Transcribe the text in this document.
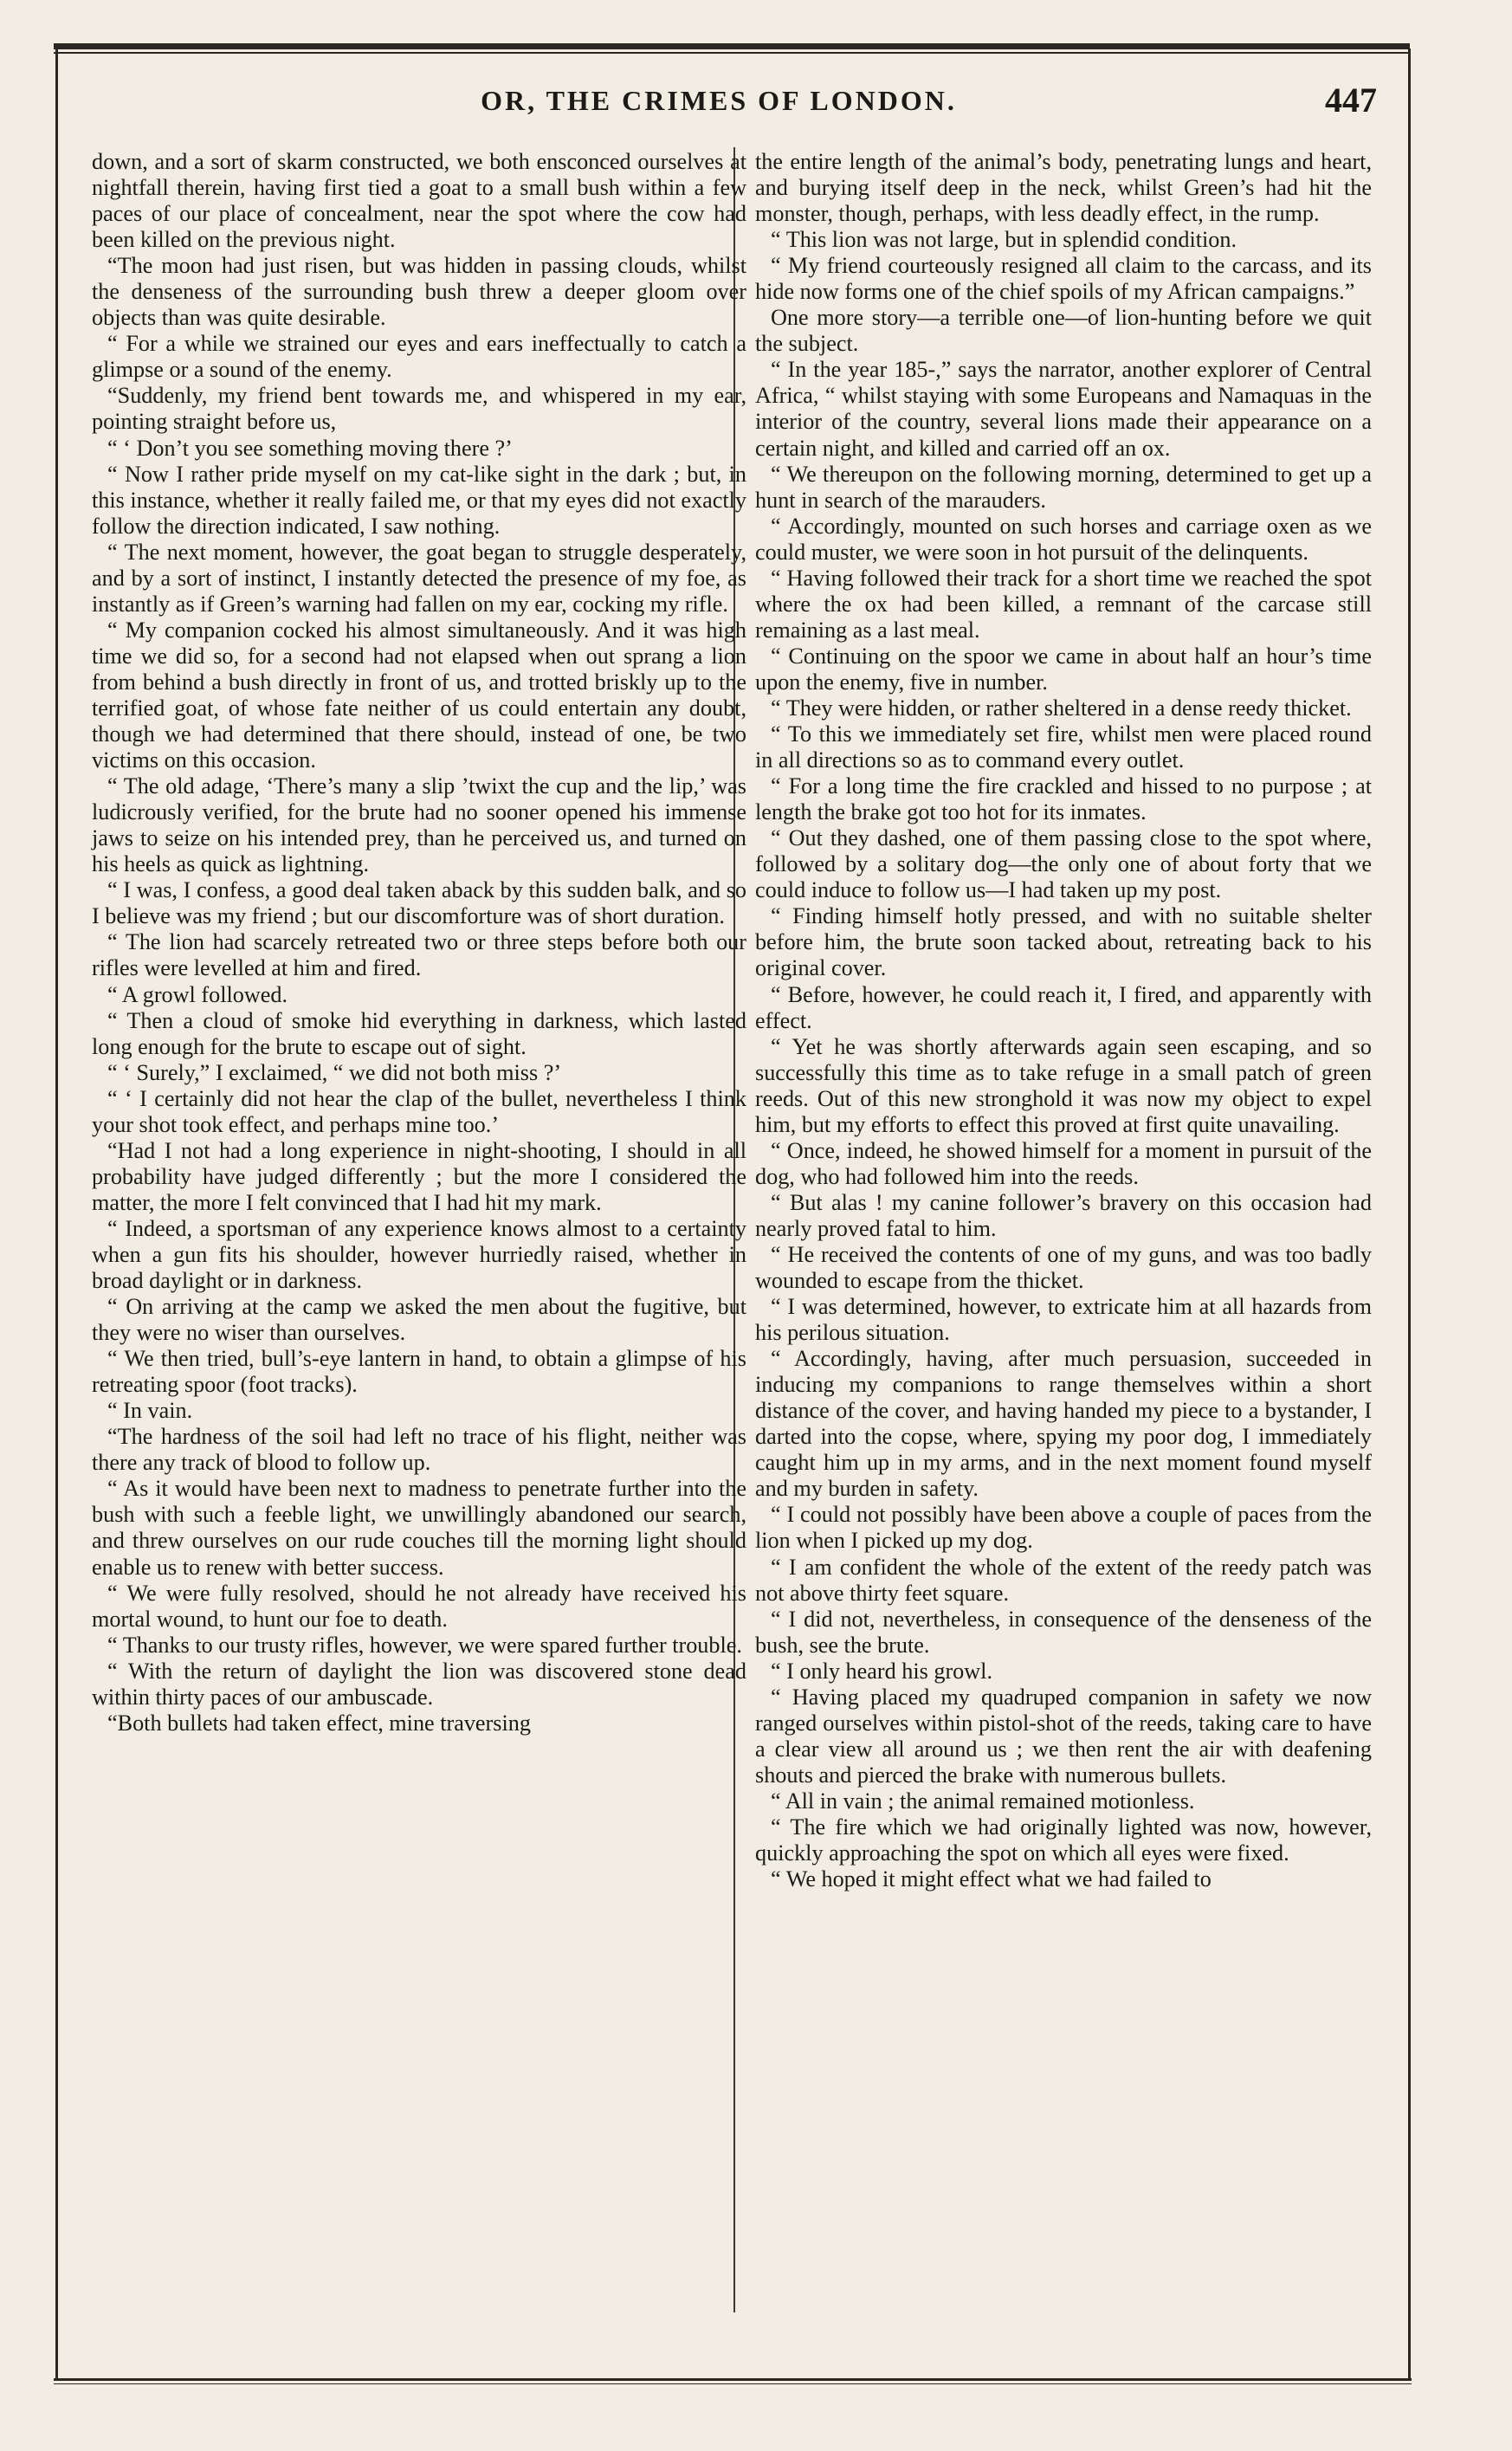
OR, THE CRIMES OF LONDON.	447

down, and a sort of skarm constructed, we both ensconced ourselves at nightfall therein, having first tied a goat to a small bush within a few paces of our place of concealment, near the spot where the cow had been killed on the previous night.

“The moon had just risen, but was hidden in passing clouds, whilst the denseness of the surrounding bush threw a deeper gloom over objects than was quite desirable.

“ For a while we strained our eyes and ears ineffectually to catch a glimpse or a sound of the enemy.

“Suddenly, my friend bent towards me, and whispered in my ear, pointing straight before us,

“ ‘ Don’t you see something moving there ?’

“ Now I rather pride myself on my cat-like sight in the dark ; but, in this instance, whether it really failed me, or that my eyes did not exactly follow the direction indicated, I saw nothing.

“ The next moment, however, the goat began to struggle desperately, and by a sort of instinct, I instantly detected the presence of my foe, as instantly as if Green’s warning had fallen on my ear, cocking my rifle.

“ My companion cocked his almost simultaneously. And it was high time we did so, for a second had not elapsed when out sprang a lion from behind a bush directly in front of us, and trotted briskly up to the terrified goat, of whose fate neither of us could entertain any doubt, though we had determined that there should, instead of one, be two victims on this occasion.

“ The old adage, ‘There’s many a slip ’twixt the cup and the lip,’ was ludicrously verified, for the brute had no sooner opened his immense jaws to seize on his intended prey, than he perceived us, and turned on his heels as quick as lightning.

“ I was, I confess, a good deal taken aback by this sudden balk, and so I believe was my friend ; but our discomforture was of short duration.

“ The lion had scarcely retreated two or three steps before both our rifles were levelled at him and fired.

“ A growl followed.

“ Then a cloud of smoke hid everything in darkness, which lasted long enough for the brute to escape out of sight.

“ ‘ Surely,” I exclaimed, “ we did not both miss ?’

“ ‘ I certainly did not hear the clap of the bullet, nevertheless I think your shot took effect, and perhaps mine too.’

“Had I not had a long experience in night-shooting, I should in all probability have judged differently ; but the more I considered the matter, the more I felt convinced that I had hit my mark.

“ Indeed, a sportsman of any experience knows almost to a certainty when a gun fits his shoulder, however hurriedly raised, whether in broad daylight or in darkness.

“ On arriving at the camp we asked the men about the fugitive, but they were no wiser than ourselves.

“ We then tried, bull’s-eye lantern in hand, to obtain a glimpse of his retreating spoor (foot tracks).

“ In vain.

“The hardness of the soil had left no trace of his flight, neither was there any track of blood to follow up.

“ As it would have been next to madness to penetrate further into the bush with such a feeble light, we unwillingly abandoned our search, and threw ourselves on our rude couches till the morning light should enable us to renew with better success.

“ We were fully resolved, should he not already have received his mortal wound, to hunt our foe to death.

“ Thanks to our trusty rifles, however, we were spared further trouble.

“ With the return of daylight the lion was discovered stone dead within thirty paces of our ambuscade.

“Both bullets had taken effect, mine traversing

the entire length of the animal’s body, penetrating lungs and heart, and burying itself deep in the neck, whilst Green’s had hit the monster, though, perhaps, with less deadly effect, in the rump.

“ This lion was not large, but in splendid condition.

“ My friend courteously resigned all claim to the carcass, and its hide now forms one of the chief spoils of my African campaigns.”

One more story—a terrible one—of lion-hunting before we quit the subject.

“ In the year 185-,” says the narrator, another explorer of Central Africa, “ whilst staying with some Europeans and Namaquas in the interior of the country, several lions made their appearance on a certain night, and killed and carried off an ox.

“ We thereupon on the following morning, determined to get up a hunt in search of the marauders.

“ Accordingly, mounted on such horses and carriage oxen as we could muster, we were soon in hot pursuit of the delinquents.

“ Having followed their track for a short time we reached the spot where the ox had been killed, a remnant of the carcase still remaining as a last meal.

“ Continuing on the spoor we came in about half an hour’s time upon the enemy, five in number.

“ They were hidden, or rather sheltered in a dense reedy thicket.

“ To this we immediately set fire, whilst men were placed round in all directions so as to command every outlet.

“ For a long time the fire crackled and hissed to no purpose ; at length the brake got too hot for its inmates.

“ Out they dashed, one of them passing close to the spot where, followed by a solitary dog—the only one of about forty that we could induce to follow us—I had taken up my post.

“ Finding himself hotly pressed, and with no suitable shelter before him, the brute soon tacked about, retreating back to his original cover.

“ Before, however, he could reach it, I fired, and apparently with effect.

“ Yet he was shortly afterwards again seen escaping, and so successfully this time as to take refuge in a small patch of green reeds. Out of this new stronghold it was now my object to expel him, but my efforts to effect this proved at first quite unavailing.

“ Once, indeed, he showed himself for a moment in pursuit of the dog, who had followed him into the reeds.

“ But alas ! my canine follower’s bravery on this occasion had nearly proved fatal to him.

“ He received the contents of one of my guns, and was too badly wounded to escape from the thicket.

“ I was determined, however, to extricate him at all hazards from his perilous situation.

“ Accordingly, having, after much persuasion, succeeded in inducing my companions to range themselves within a short distance of the cover, and having handed my piece to a bystander, I darted into the copse, where, spying my poor dog, I immediately caught him up in my arms, and in the next moment found myself and my burden in safety.

“ I could not possibly have been above a couple of paces from the lion when I picked up my dog.

“ I am confident the whole of the extent of the reedy patch was not above thirty feet square.

“ I did not, nevertheless, in consequence of the denseness of the bush, see the brute.

“ I only heard his growl.

“ Having placed my quadruped companion in safety we now ranged ourselves within pistol-shot of the reeds, taking care to have a clear view all around us ; we then rent the air with deafening shouts and pierced the brake with numerous bullets.

“ All in vain ; the animal remained motionless.

“ The fire which we had originally lighted was now, however, quickly approaching the spot on which all eyes were fixed.

“ We hoped it might effect what we had failed to
